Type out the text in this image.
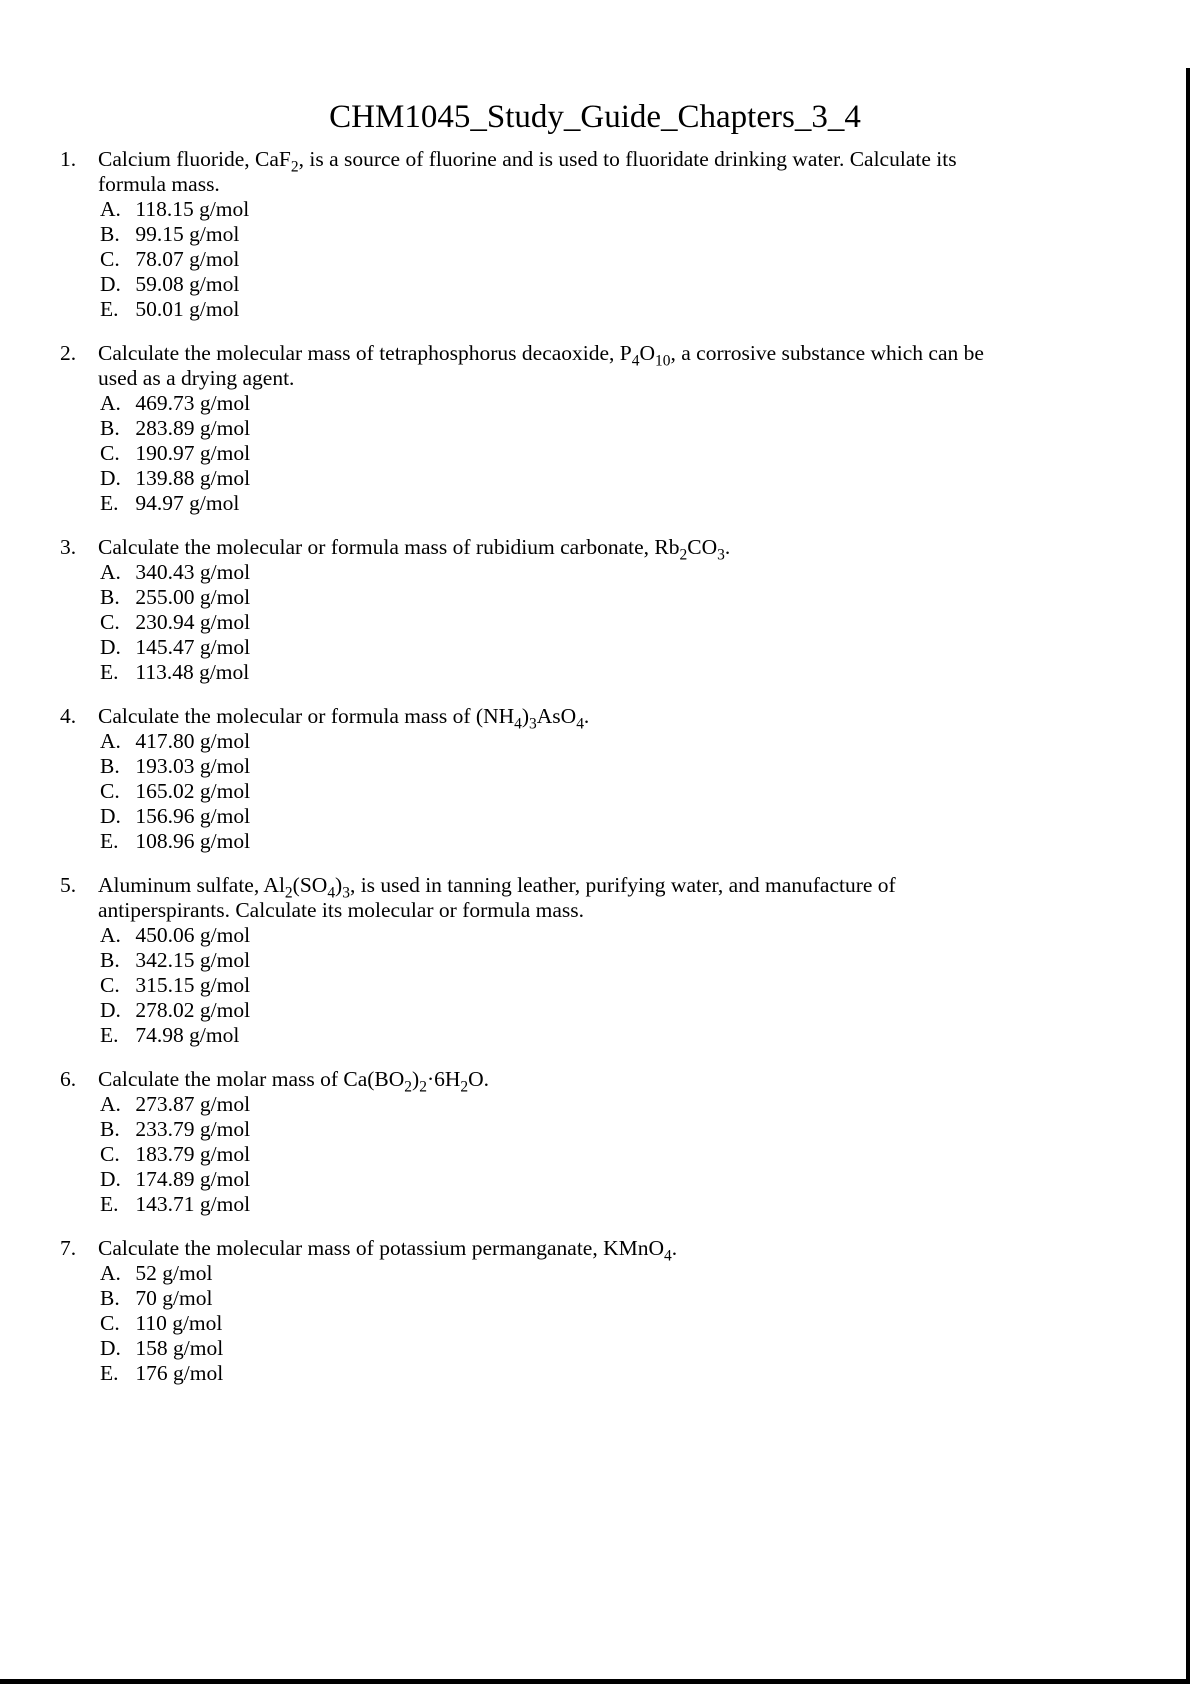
CHM1045_Study_Guide_Chapters_3_4
1. Calcium fluoride, CaF$_2$, is a source of fluorine and is used to fluoridate drinking water. Calculate its formula mass.

A. 118.15 g/mol
B. 99.15 g/mol
C. 78.07 g/mol
D. 59.08 g/mol
E. 50.01 g/mol
2. Calculate the molecular mass of tetraphosphorus decaoxide, $P_4O_{10}$, a corrosive substance which can be used as a drying agent.

A. 469.73 g/mol
B. 283.89 g/mol
C. 190.97 g/mol
D. 139.88 g/mol
E. 94.97 g/mol
3. Calculate the molecular or formula mass of rubidium carbonate, $Rb_2CO_3$.

A. 340.43 g/mol
B. 255.00 g/mol
C. 230.94 g/mol
D. 145.47 g/mol
E. 113.48 g/mol
4. Calculate the molecular or formula mass of $(NH_4)_3AsO_4$.

A. 417.80 g/mol
B. 193.03 g/mol
C. 165.02 g/mol
D. 156.96 g/mol
E. 108.96 g/mol
5. Aluminum sulfate, $Al_2(SO_4)_3$, is used in tanning leather, purifying water, and manufacture of antiperspirants. Calculate its molecular or formula mass.

A. 450.06 g/mol
B. 342.15 g/mol
C. 315.15 g/mol
D. 278.02 g/mol
E. 74.98 g/mol
6. Calculate the molar mass of $Ca(BO_2)_2\cdot 6H_2O$.

A. 273.87 g/mol
B. 233.79 g/mol
C. 183.79 g/mol
D. 174.89 g/mol
E. 143.71 g/mol
7. Calculate the molecular mass of potassium permanganate, KMnO$_4$.

A. 52 g/mol
B. 70 g/mol
C. 110 g/mol
D. 158 g/mol
E. 176 g/mol
